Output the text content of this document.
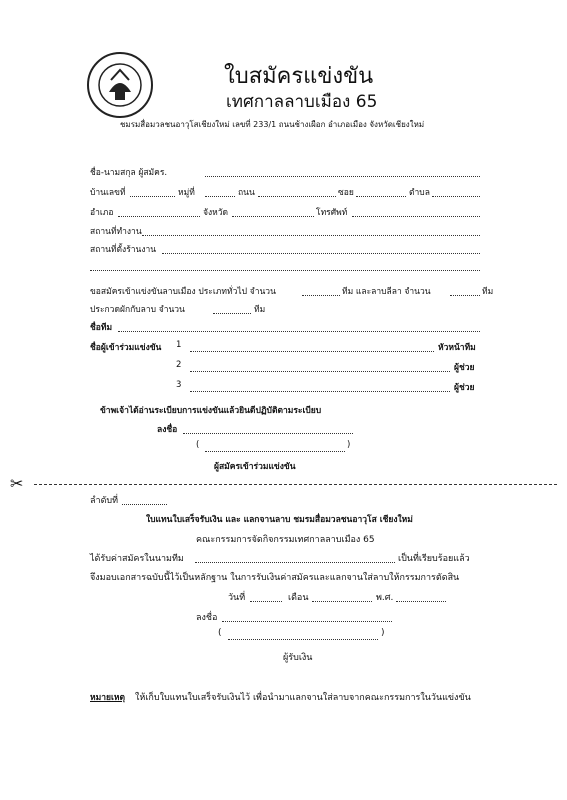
ใบสมัครแข่งขัน
เทศกาลลาบเมือง 65
ชมรมสื่อมวลชนอาวุโสเชียงใหม่ เลขที่ 233/1 ถนนช้างเผือก อำเภอเมือง จังหวัดเชียงใหม่
ชื่อ-นามสกุล ผู้สมัคร.
บ้านเลขที่	หมู่ที่	ถนน	ซอย	ตำบล
อำเภอ	จังหวัด	โทรศัพท์
สถานที่ทำงาน
สถานที่ตั้งร้านงาน
ขอสมัครเข้าแข่งขันลาบเมือง ประเภททั่วไป จำนวน	ทีม และลาบลีลา จำนวน	ทีม
ประกวดผักกับลาบ จำนวน	ทีม
ชื่อทีม
ชื่อผู้เข้าร่วมแข่งขัน 1	หัวหน้าทีม
2	ผู้ช่วย
3	ผู้ช่วย
ข้าพเจ้าได้อ่านระเบียบการแข่งขันแล้วยินดีปฏิบัติตามระเบียบ
ลงชื่อ
(	)
ผู้สมัครเข้าร่วมแข่งขัน
✂
ลำดับที่
ใบแทนใบเสร็จรับเงิน และ แลกจานลาบ ชมรมสื่อมวลชนอาวุโส เชียงใหม่
คณะกรรมการจัดกิจกรรมเทศกาลลาบเมือง 65
ได้รับค่าสมัครในนามทีม	เป็นที่เรียบร้อยแล้ว
จึงมอบเอกสารฉบับนี้ไว้เป็นหลักฐาน ในการรับเงินค่าสมัครและแลกจานใส่ลาบให้กรรมการตัดสิน
วันที่	เดือน	พ.ศ.
ลงชื่อ
(	)
ผู้รับเงิน
หมายเหตุ ให้เก็บใบแทนใบเสร็จรับเงินไว้ เพื่อนำมาแลกจานใส่ลาบจากคณะกรรมการในวันแข่งขัน
